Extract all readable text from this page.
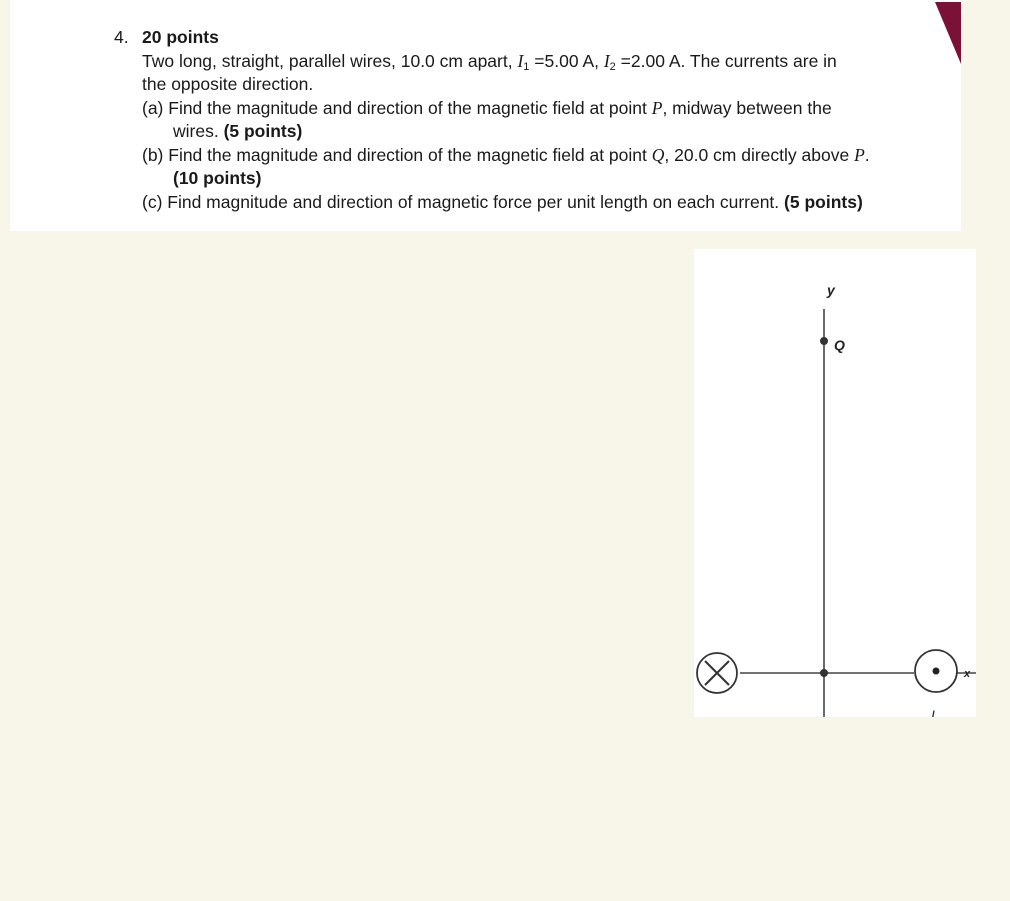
4. 20 points
Two long, straight, parallel wires, 10.0 cm apart, $I_1 =5.00$ A, $I_2 =2.00$ A. The currents are in
the opposite direction.
(a) Find the magnitude and direction of the magnetic field at point P, midway between the
wires. (5 points)
(b) Find the magnitude and direction of the magnetic field at point Q, 20.0 cm directly above P.
(10 points)
(c) Find magnitude and direction of magnetic force per unit length on each current. (5 points)
y
Q
x
I
